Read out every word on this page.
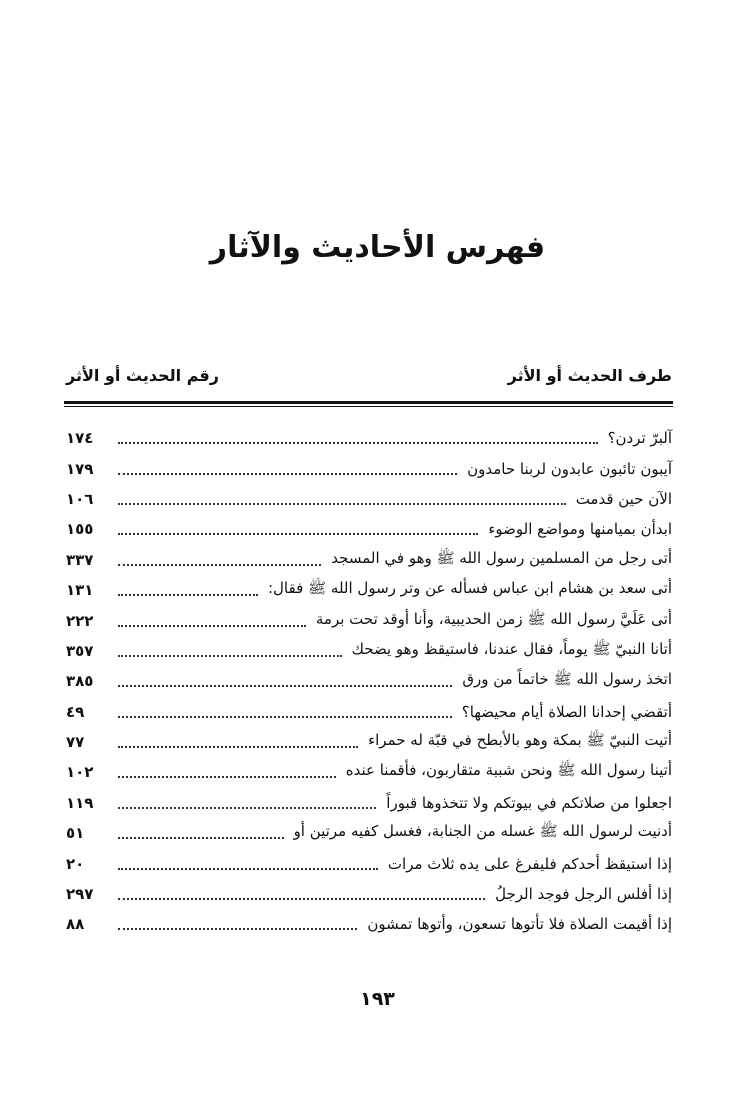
فهرس الأحاديث والآثار
طرف الحديث أو الأثر
رقم الحديث أو الأثر
آلبرّ تردن؟
١٧٤
آيبون تائبون عابدون لربنا حامدون
١٧٩
الآن حين قدمت
١٠٦
ابدأن بميامنها ومواضع الوضوء
١٥٥
أتى رجل من المسلمين رسول الله ﷺ وهو في المسجد
٣٣٧
أتى سعد بن هشام ابن عباس فسأله عن وتر رسول الله ﷺ فقال:
١٣١
أتى عَلَيَّ رسول الله ﷺ زمن الحديبية، وأنا أوقد تحت برمة
٢٢٢
أتانا النبيّ ﷺ يوماً، فقال عندنا، فاستيقظ وهو يضحك
٣٥٧
اتخذ رسول الله ﷺ خاتماً من ورق
٣٨٥
أتقضي إحدانا الصلاة أيام محيضها؟
٤٩
أتيت النبيّ ﷺ بمكة وهو بالأبطح في قبّة له حمراء
٧٧
أتينا رسول الله ﷺ ونحن شببة متقاربون، فأقمنا عنده
١٠٢
اجعلوا من صلاتكم في بيوتكم ولا تتخذوها قبوراً
١١٩
أدنيت لرسول الله ﷺ غسله من الجنابة، فغسل كفيه مرتين أو
٥١
إذا استيقظ أحدكم فليفرغ على يده ثلاث مرات
٢٠
إذا أفلس الرجل فوجد الرجلُ
٢٩٧
إذا أقيمت الصلاة فلا تأتوها تسعون، وأتوها تمشون
٨٨
١٩٣
